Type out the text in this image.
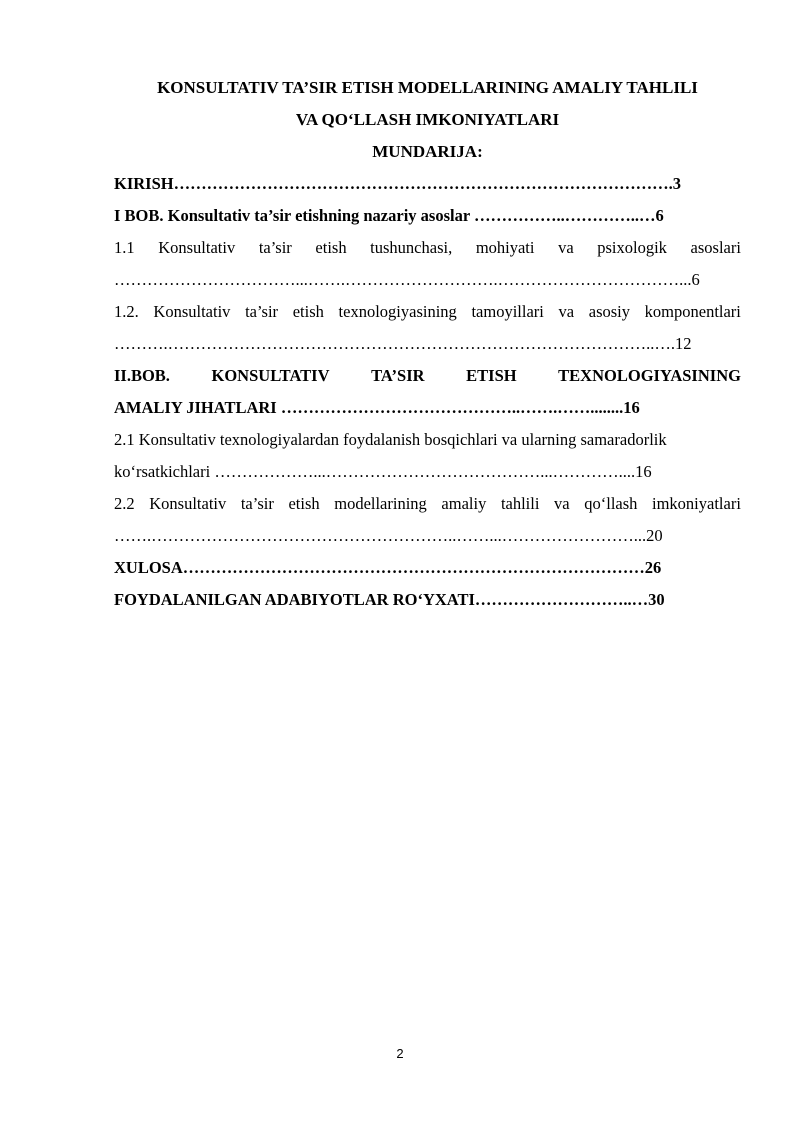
KONSULTATIV TA’SIR ETISH MODELLARINING AMALIY TAHLILI

VA QO‘LLASH IMKONIYATLARI

MUNDARIJA:

KIRISH……………………………………………………………………………….3

I BOB. Konsultativ ta’sir etishning nazariy asoslar ……………..…………..…6

1.1 Konsultativ ta’sir etish tushunchasi, mohiyati va psixologik asoslari

……………………………...…….……………………….……………………………...6

1.2. Konsultativ ta’sir etish texnologiyasining tamoyillari va asosiy komponentlari

……….……………………………………………………………………………..….12

II.BOB.	KONSULTATIV	TA’SIR	ETISH	TEXNOLOGIYASINING

AMALIY JIHATLARI ……………………………………..…….……........16

2.1 Konsultativ texnologiyalardan foydalanish bosqichlari va ularning samaradorlik

ko‘rsatkichlari ………………...…………………………………...…………....16

2.2 Konsultativ ta’sir etish modellarining amaliy tahlili va qo‘llash imkoniyatlari

…….………………………………………………..……...……………………...20

XULOSA…………………………………………………………………………26

FOYDALANILGAN ADABIYOTLAR RO‘YXATI………………………..…30

2
